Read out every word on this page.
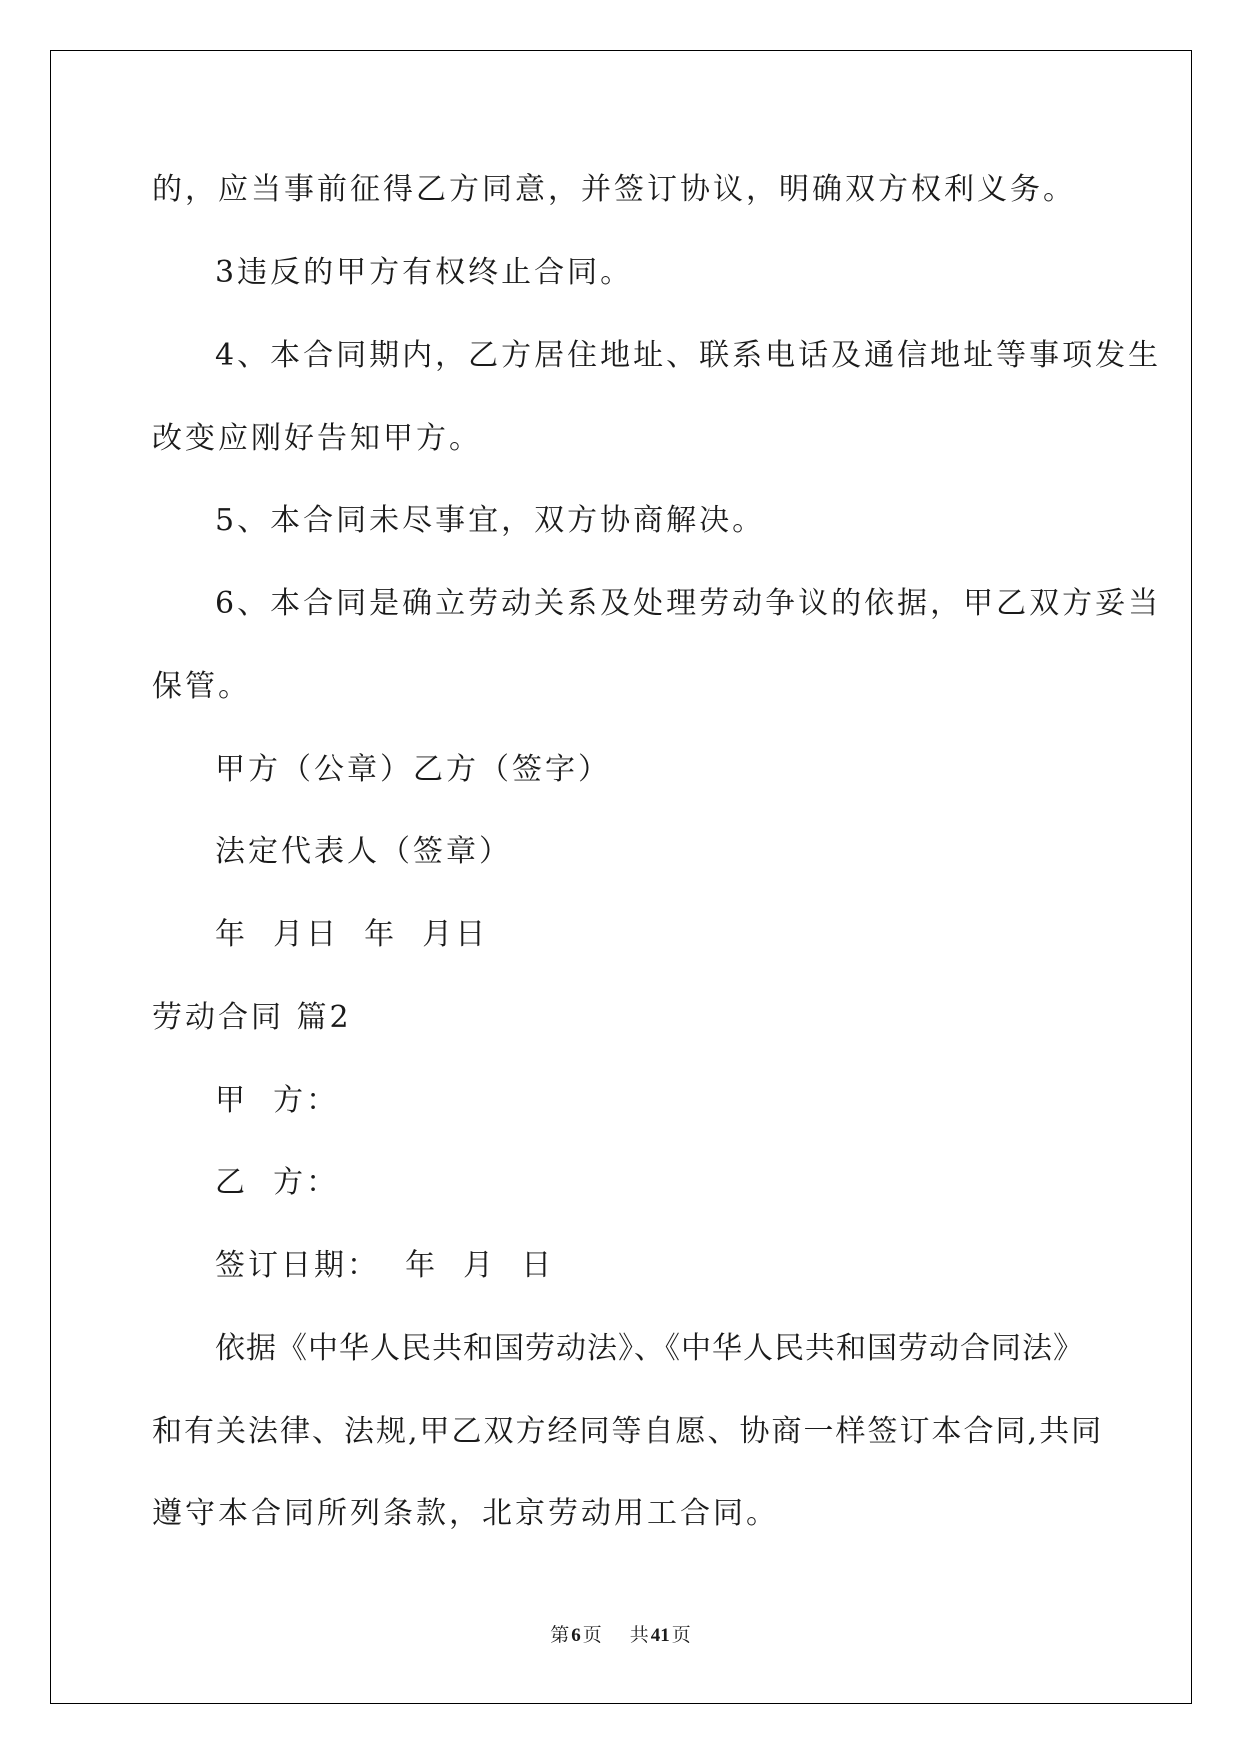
的，应当事前征得乙方同意，并签订协议，明确双方权利义务。
3违反的甲方有权终止合同。
4、本合同期内，乙方居住地址、联系电话及通信地址等事项发生
改变应刚好告知甲方。
5、本合同未尽事宜，双方协商解决。
6、本合同是确立劳动关系及处理劳动争议的依据，甲乙双方妥当
保管。
甲方（公章）乙方（签字）
法定代表人（签章）
年  月日  年  月日
劳动合同 篇2
甲  方：
乙  方：
签订日期：  年  月  日
依据《中华人民共和国劳动法》、《中华人民共和国劳动合同法》
和有关法律、法规,甲乙双方经同等自愿、协商一样签订本合同,共同
遵守本合同所列条款，北京劳动用工合同。
第 6 页 共 41 页
